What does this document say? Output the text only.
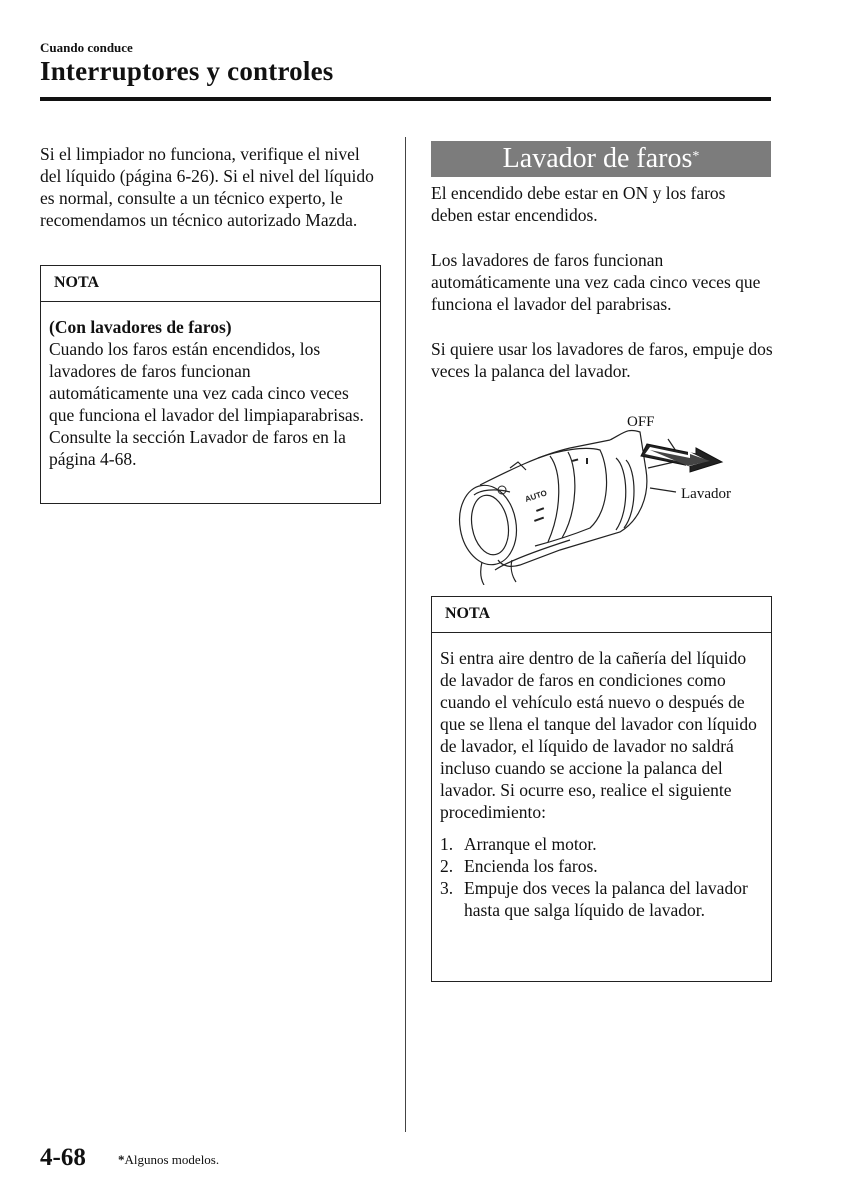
Cuando conduce
Interruptores y controles

Si el limpiador no funciona, verifique el nivel del líquido (página 6-26). Si el nivel del líquido es normal, consulte a un técnico experto, le recomendamos un técnico autorizado Mazda.

NOTA
(Con lavadores de faros)
Cuando los faros están encendidos, los lavadores de faros funcionan automáticamente una vez cada cinco veces que funciona el lavador del limpiaparabrisas.
Consulte la sección Lavador de faros en la página 4-68.
Lavador de faros*

El encendido debe estar en ON y los faros deben estar encendidos.

Los lavadores de faros funcionan automáticamente una vez cada cinco veces que funciona el lavador del parabrisas.

Si quiere usar los lavadores de faros, empuje dos veces la palanca del lavador.

AUTO
OFF
Lavador
NOTA
Si entra aire dentro de la cañería del líquido de lavador de faros en condiciones como cuando el vehículo está nuevo o después de que se llena el tanque del lavador con líquido de lavador, el líquido de lavador no saldrá incluso cuando se accione la palanca del lavador. Si ocurre eso, realice el siguiente procedimiento:
1. Arranque el motor.
2. Encienda los faros.
3. Empuje dos veces la palanca del lavador hasta que salga líquido de lavador.
4-68 *Algunos modelos.
